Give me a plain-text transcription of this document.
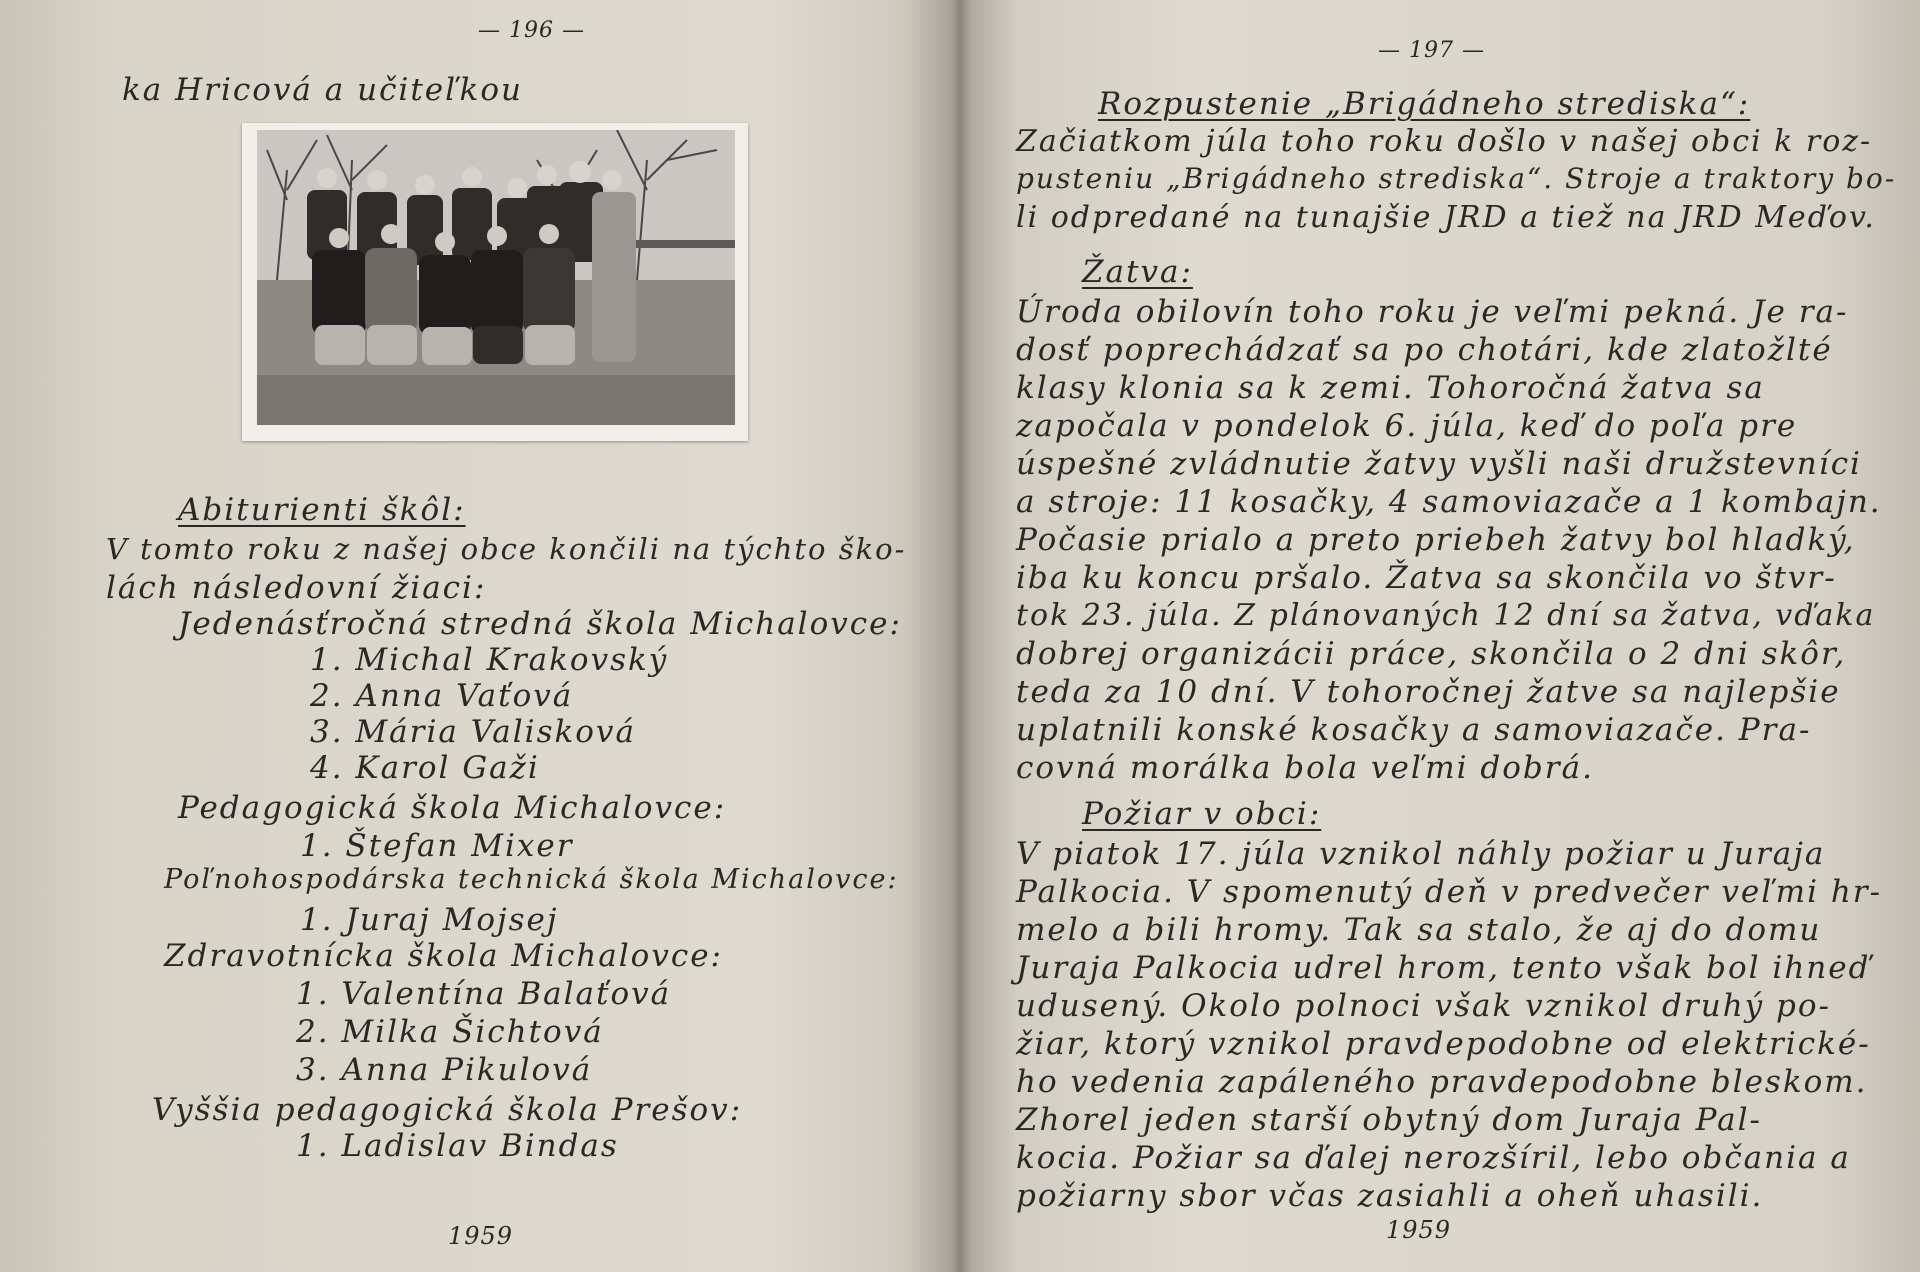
— 196 —
ka Hricová a učiteľkou
Abiturienti škôl:
V tomto roku z našej obce končili na týchto ško-
lách následovní žiaci:
Jedenásťročná stredná škola Michalovce:
1. Michal Krakovský
2. Anna Vaťová
3. Mária Valisková
4. Karol Gaži
Pedagogická škola Michalovce:
1. Štefan Mixer
Poľnohospodárska technická škola Michalovce:
1. Juraj Mojsej
Zdravotnícka škola Michalovce:
1. Valentína Balaťová
2. Milka Šichtová
3. Anna Pikulová
Vyššia pedagogická škola Prešov:
1. Ladislav Bindas
1959
— 197 —
Rozpustenie „Brigádneho strediska“:
Začiatkom júla toho roku došlo v našej obci k roz-
pusteniu „Brigádneho strediska“. Stroje a traktory bo-
li odpredané na tunajšie JRD a tiež na JRD Meďov.
Žatva:
Úroda obilovín toho roku je veľmi pekná. Je ra-
dosť poprechádzať sa po chotári, kde zlatožlté
klasy klonia sa k zemi. Tohoročná žatva sa
započala v pondelok 6. júla, keď do poľa pre
úspešné zvládnutie žatvy vyšli naši družstevníci
a stroje: 11 kosačky, 4 samoviazače a 1 kombajn.
Počasie prialo a preto priebeh žatvy bol hladký,
iba ku koncu pršalo. Žatva sa skončila vo štvr-
tok 23. júla. Z plánovaných 12 dní sa žatva, vďaka
dobrej organizácii práce, skončila o 2 dni skôr,
teda za 10 dní. V tohoročnej žatve sa najlepšie
uplatnili konské kosačky a samoviazače. Pra-
covná morálka bola veľmi dobrá.
Požiar v obci:
V piatok 17. júla vznikol náhly požiar u Juraja
Palkocia. V spomenutý deň v predvečer veľmi hr-
melo a bili hromy. Tak sa stalo, že aj do domu
Juraja Palkocia udrel hrom, tento však bol ihneď
udusený. Okolo polnoci však vznikol druhý po-
žiar, ktorý vznikol pravdepodobne od elektrické-
ho vedenia zapáleného pravdepodobne bleskom.
Zhorel jeden starší obytný dom Juraja Pal-
kocia. Požiar sa ďalej nerozšíril, lebo občania a
požiarny sbor včas zasiahli a oheň uhasili.
1959
